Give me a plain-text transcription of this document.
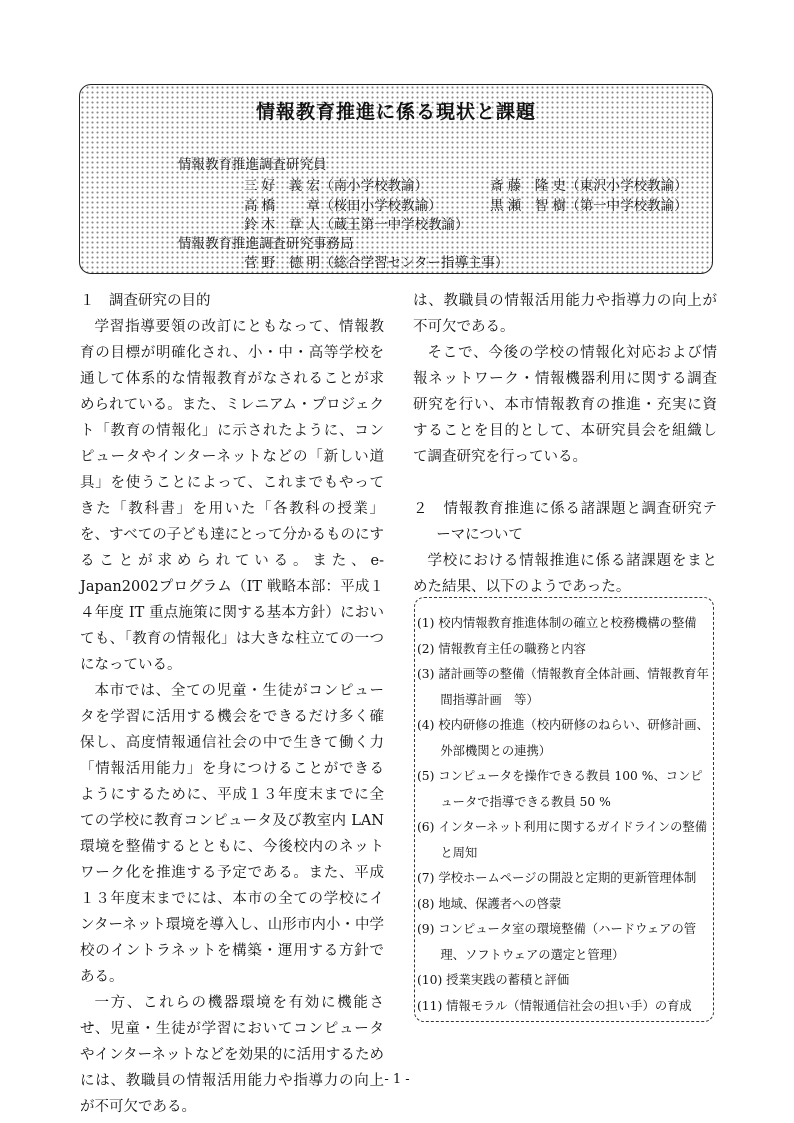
情報教育推進に係る現状と課題
情報教育推進調査研究員
三 好　義 宏（南小学校教諭）	斎 藤　隆 史（東沢小学校教諭）
高 橋　　 章（桜田小学校教諭）	黒 瀬　智 樹（第一中学校教諭）
鈴 木　章 人（蔵王第一中学校教諭）
情報教育推進調査研究事務局
菅 野　德 明（総合学習センター指導主事）

１　調査研究の目的

学習指導要領の改訂にともなって、情報教育の目標が明確化され、小・中・高等学校を通して体系的な情報教育がなされることが求められている。また、ミレニアム・プロジェクト「教育の情報化」に示されたように、コンピュータやインターネットなどの「新しい道具」を使うことによって、これまでもやってきた「教科書」を用いた「各教科の授業」を、すべての子ども達にとって分かるものにすることが求められている。また、e-Japan2002プログラム（IT 戦略本部：平成１４年度 IT 重点施策に関する基本方針）においても、「教育の情報化」は大きな柱立ての一つになっている。

本市では、全ての児童・生徒がコンピュータを学習に活用する機会をできるだけ多く確保し、高度情報通信社会の中で生きて働く力「情報活用能力」を身につけることができるようにするために、平成１３年度末までに全ての学校に教育コンピュータ及び教室内 LAN 環境を整備するとともに、今後校内のネットワーク化を推進する予定である。また、平成１３年度末までには、本市の全ての学校にインターネット環境を導入し、山形市内小・中学校のイントラネットを構築・運用する方針である。

一方、これらの機器環境を有効に機能させ、児童・生徒が学習においてコンピュータやインターネットなどを効果的に活用するためには、教職員の情報活用能力や指導力の向上が不可欠である。

は、教職員の情報活用能力や指導力の向上が不可欠である。

そこで、今後の学校の情報化対応および情報ネットワーク・情報機器利用に関する調査研究を行い、本市情報教育の推進・充実に資することを目的として、本研究員会を組織して調査研究を行っている。

２　情報教育推進に係る諸課題と調査研究テーマについて

学校における情報推進に係る諸課題をまとめた結果、以下のようであった。

(1) 校内情報教育推進体制の確立と校務機構の整備
(2) 情報教育主任の職務と内容
(3) 諸計画等の整備（情報教育全体計画、情報教育年間指導計画　等）
(4) 校内研修の推進（校内研修のねらい、研修計画、外部機関との連携）
(5) コンピュータを操作できる教員 100 %、コンピュータで指導できる教員 50 %
(6) インターネット利用に関するガイドラインの整備と周知
(7) 学校ホームページの開設と定期的更新管理体制
(8) 地域、保護者への啓蒙
(9) コンピュータ室の環境整備（ハードウェアの管理、ソフトウェアの選定と管理）
(10) 授業実践の蓄積と評価
(11) 情報モラル（情報通信社会の担い手）の育成
- 1 -
